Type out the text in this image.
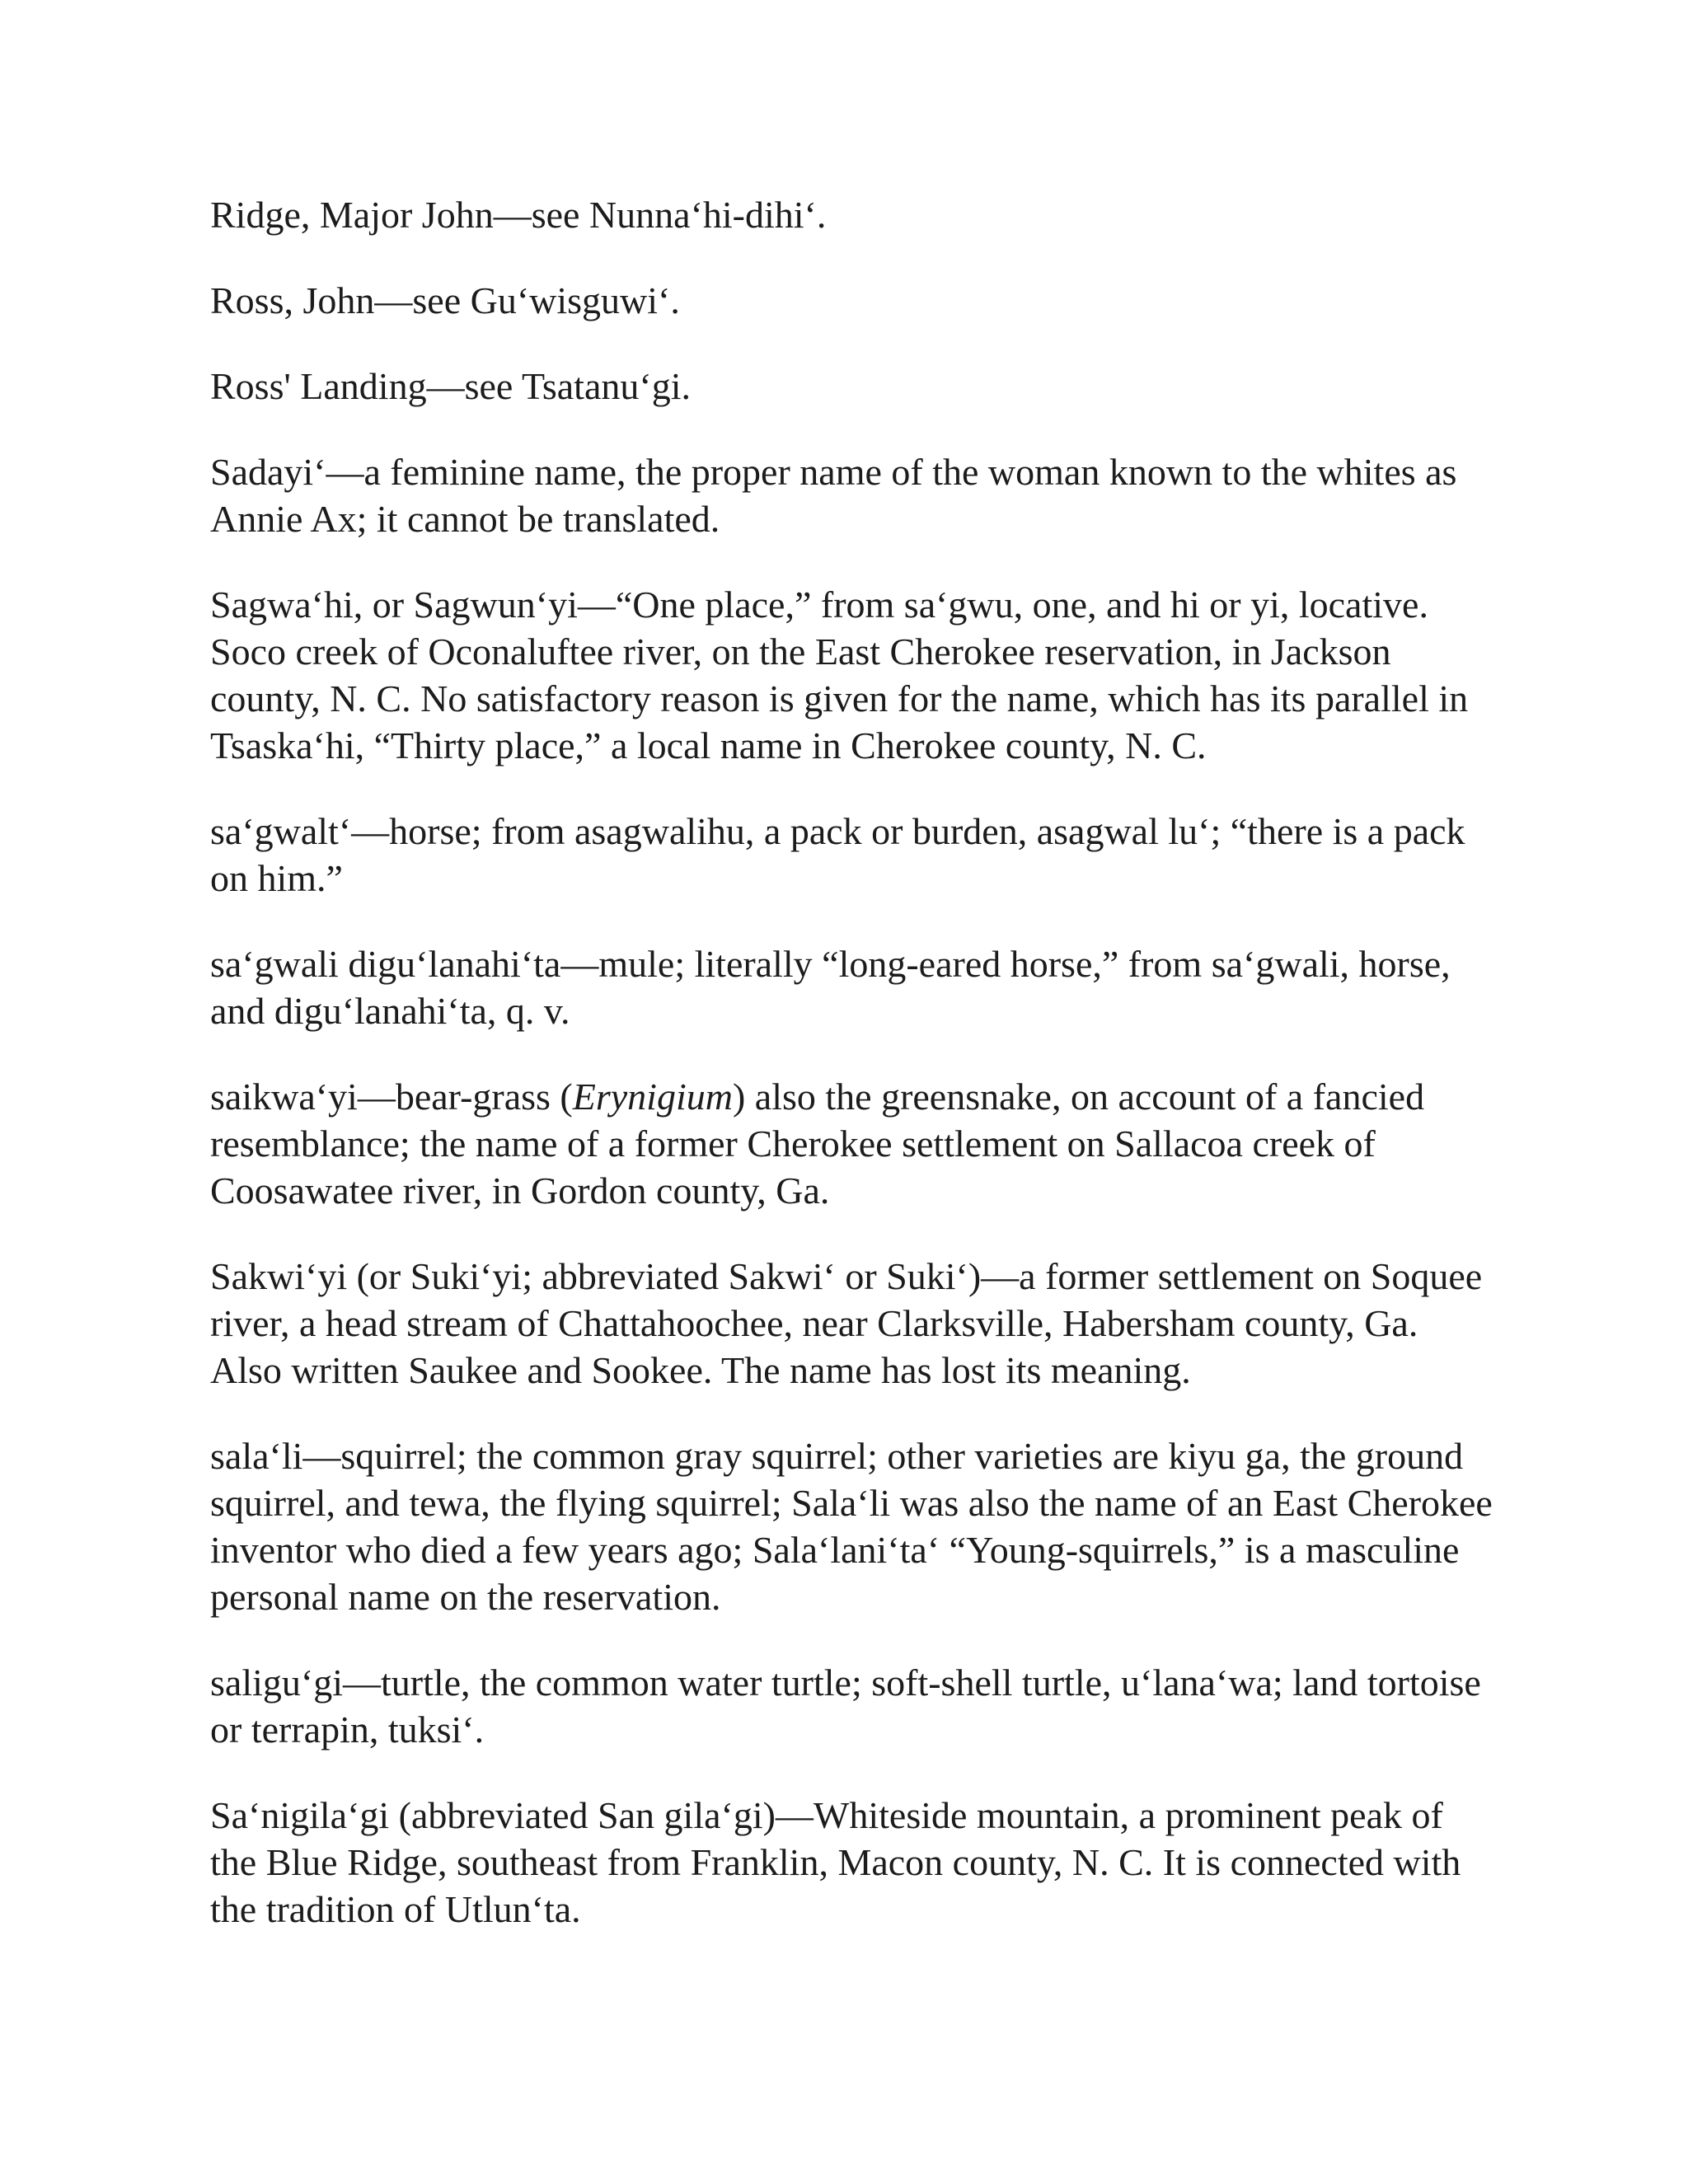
Ridge, Major John—see Nunna‘hi-dihi‘.

Ross, John—see Gu‘wisguwi‘.

Ross' Landing—see Tsatanu‘gi.

Sadayi‘—a feminine name, the proper name of the woman known to the whites as Annie Ax; it cannot be translated.

Sagwa‘hi, or Sagwun‘yi—“One place,” from sa‘gwu, one, and hi or yi, locative. Soco creek of Oconaluftee river, on the East Cherokee reservation, in Jackson county, N. C. No satisfactory reason is given for the name, which has its parallel in Tsaska‘hi, “Thirty place,” a local name in Cherokee county, N. C.

sa‘gwalt‘—horse; from asagwalihu, a pack or burden, asagwal lu‘; “there is a pack on him.”

sa‘gwali digu‘lanahi‘ta—mule; literally “long-eared horse,” from sa‘gwali, horse, and digu‘lanahi‘ta, q. v.

saikwa‘yi—bear-grass (Erynigium) also the greensnake, on account of a fancied resemblance; the name of a former Cherokee settlement on Sallacoa creek of Coosawatee river, in Gordon county, Ga.

Sakwi‘yi (or Suki‘yi; abbreviated Sakwi‘ or Suki‘)—a former settlement on Soquee river, a head stream of Chattahoochee, near Clarksville, Habersham county, Ga. Also written Saukee and Sookee. The name has lost its meaning.

sala‘li—squirrel; the common gray squirrel; other varieties are kiyu ga, the ground squirrel, and tewa, the flying squirrel; Sala‘li was also the name of an East Cherokee inventor who died a few years ago; Sala‘lani‘ta‘ “Young-squirrels,” is a masculine personal name on the reservation.

saligu‘gi—turtle, the common water turtle; soft-shell turtle, u‘lana‘wa; land tortoise or terrapin, tuksi‘.

Sa‘nigila‘gi (abbreviated San gila‘gi)—Whiteside mountain, a prominent peak of the Blue Ridge, southeast from Franklin, Macon county, N. C. It is connected with the tradition of Utlun‘ta.
